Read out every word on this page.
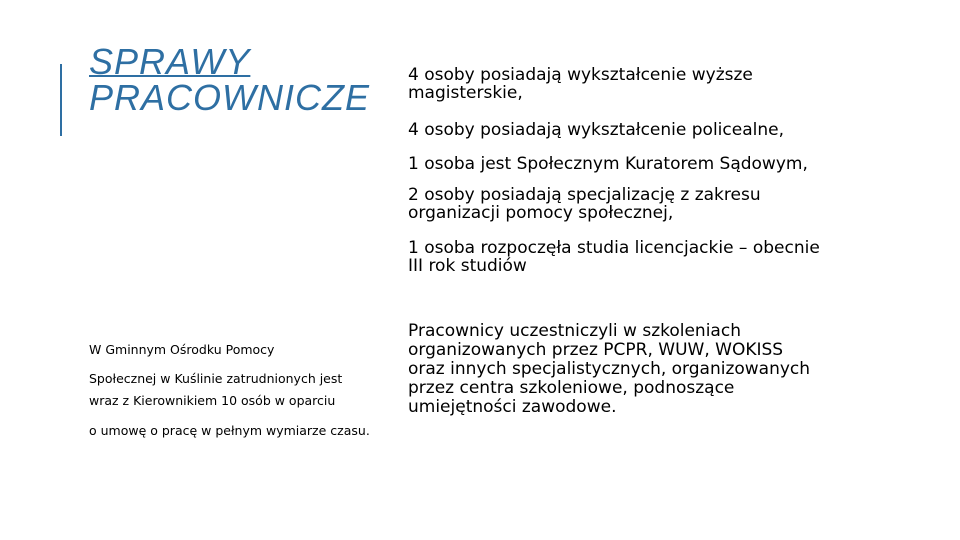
SPRAWY
PRACOWNICZE
4 osoby posiadają wykształcenie wyższe
magisterskie,
4 osoby posiadają wykształcenie policealne,
1 osoba jest Społecznym Kuratorem Sądowym,
2 osoby posiadają specjalizację z zakresu
organizacji pomocy społecznej,
1 osoba rozpoczęła studia licencjackie – obecnie
III rok studiów
W Gminnym Ośrodku Pomocy
Społecznej w Kuślinie zatrudnionych jest
wraz z Kierownikiem 10 osób w oparciu
o umowę o pracę w pełnym wymiarze czasu.
Pracownicy uczestniczyli w szkoleniach
organizowanych przez PCPR, WUW, WOKISS
oraz innych specjalistycznych, organizowanych
przez centra szkoleniowe, podnoszące
umiejętności zawodowe.
